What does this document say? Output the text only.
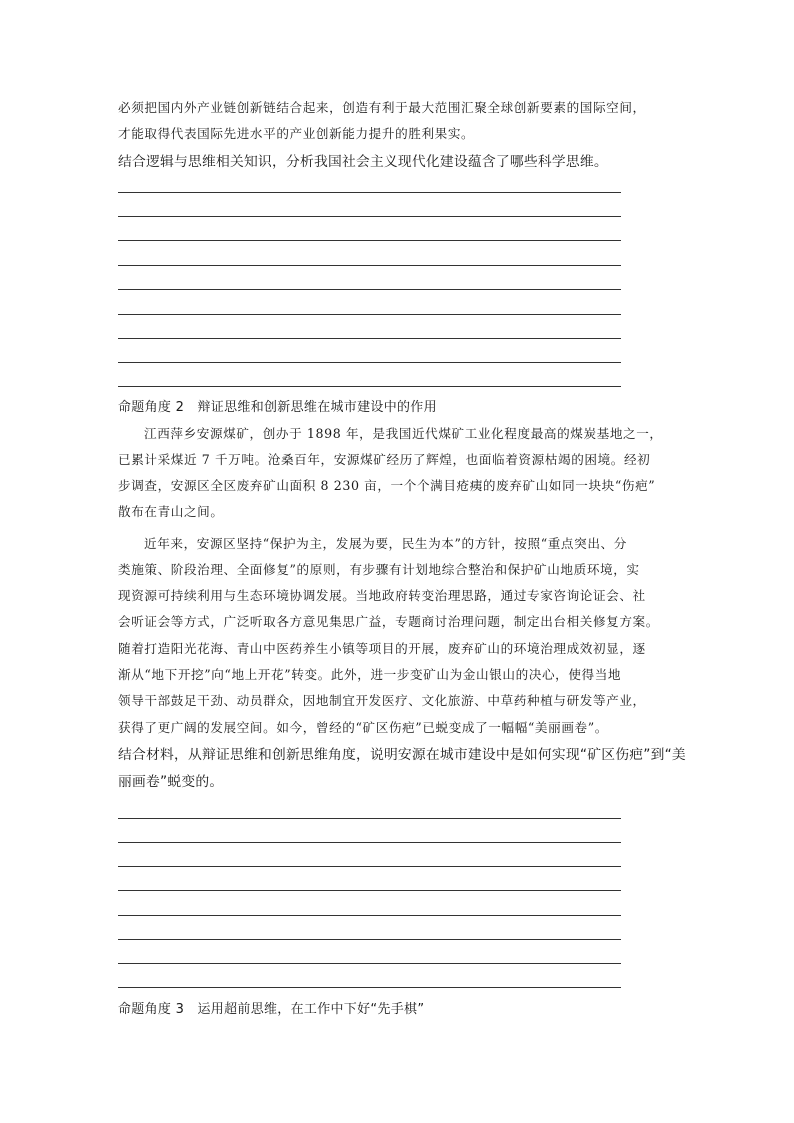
必须把国内外产业链创新链结合起来，创造有利于最大范围汇聚全球创新要素的国际空间，
才能取得代表国际先进水平的产业创新能力提升的胜利果实。
结合逻辑与思维相关知识，分析我国社会主义现代化建设蕴含了哪些科学思维。
命题角度 2　辩证思维和创新思维在城市建设中的作用
江西萍乡安源煤矿，创办于 1898 年，是我国近代煤矿工业化程度最高的煤炭基地之一，
已累计采煤近 7 千万吨。沧桑百年，安源煤矿经历了辉煌，也面临着资源枯竭的困境。经初
步调查，安源区全区废弃矿山面积 8 230 亩，一个个满目疮痍的废弃矿山如同一块块“伤疤”
散布在青山之间。
近年来，安源区坚持“保护为主，发展为要，民生为本”的方针，按照“重点突出、分
类施策、阶段治理、全面修复”的原则，有步骤有计划地综合整治和保护矿山地质环境，实
现资源可持续利用与生态环境协调发展。当地政府转变治理思路，通过专家咨询论证会、社
会听证会等方式，广泛听取各方意见集思广益，专题商讨治理问题，制定出台相关修复方案。
随着打造阳光花海、青山中医药养生小镇等项目的开展，废弃矿山的环境治理成效初显，逐
渐从“地下开挖”向“地上开花”转变。此外，进一步变矿山为金山银山的决心，使得当地
领导干部鼓足干劲、动员群众，因地制宜开发医疗、文化旅游、中草药种植与研发等产业，
获得了更广阔的发展空间。如今，曾经的“矿区伤疤”已蜕变成了一幅幅“美丽画卷”。
结合材料，从辩证思维和创新思维角度，说明安源在城市建设中是如何实现“矿区伤疤”到“美
丽画卷”蜕变的。
命题角度 3　运用超前思维，在工作中下好“先手棋”
